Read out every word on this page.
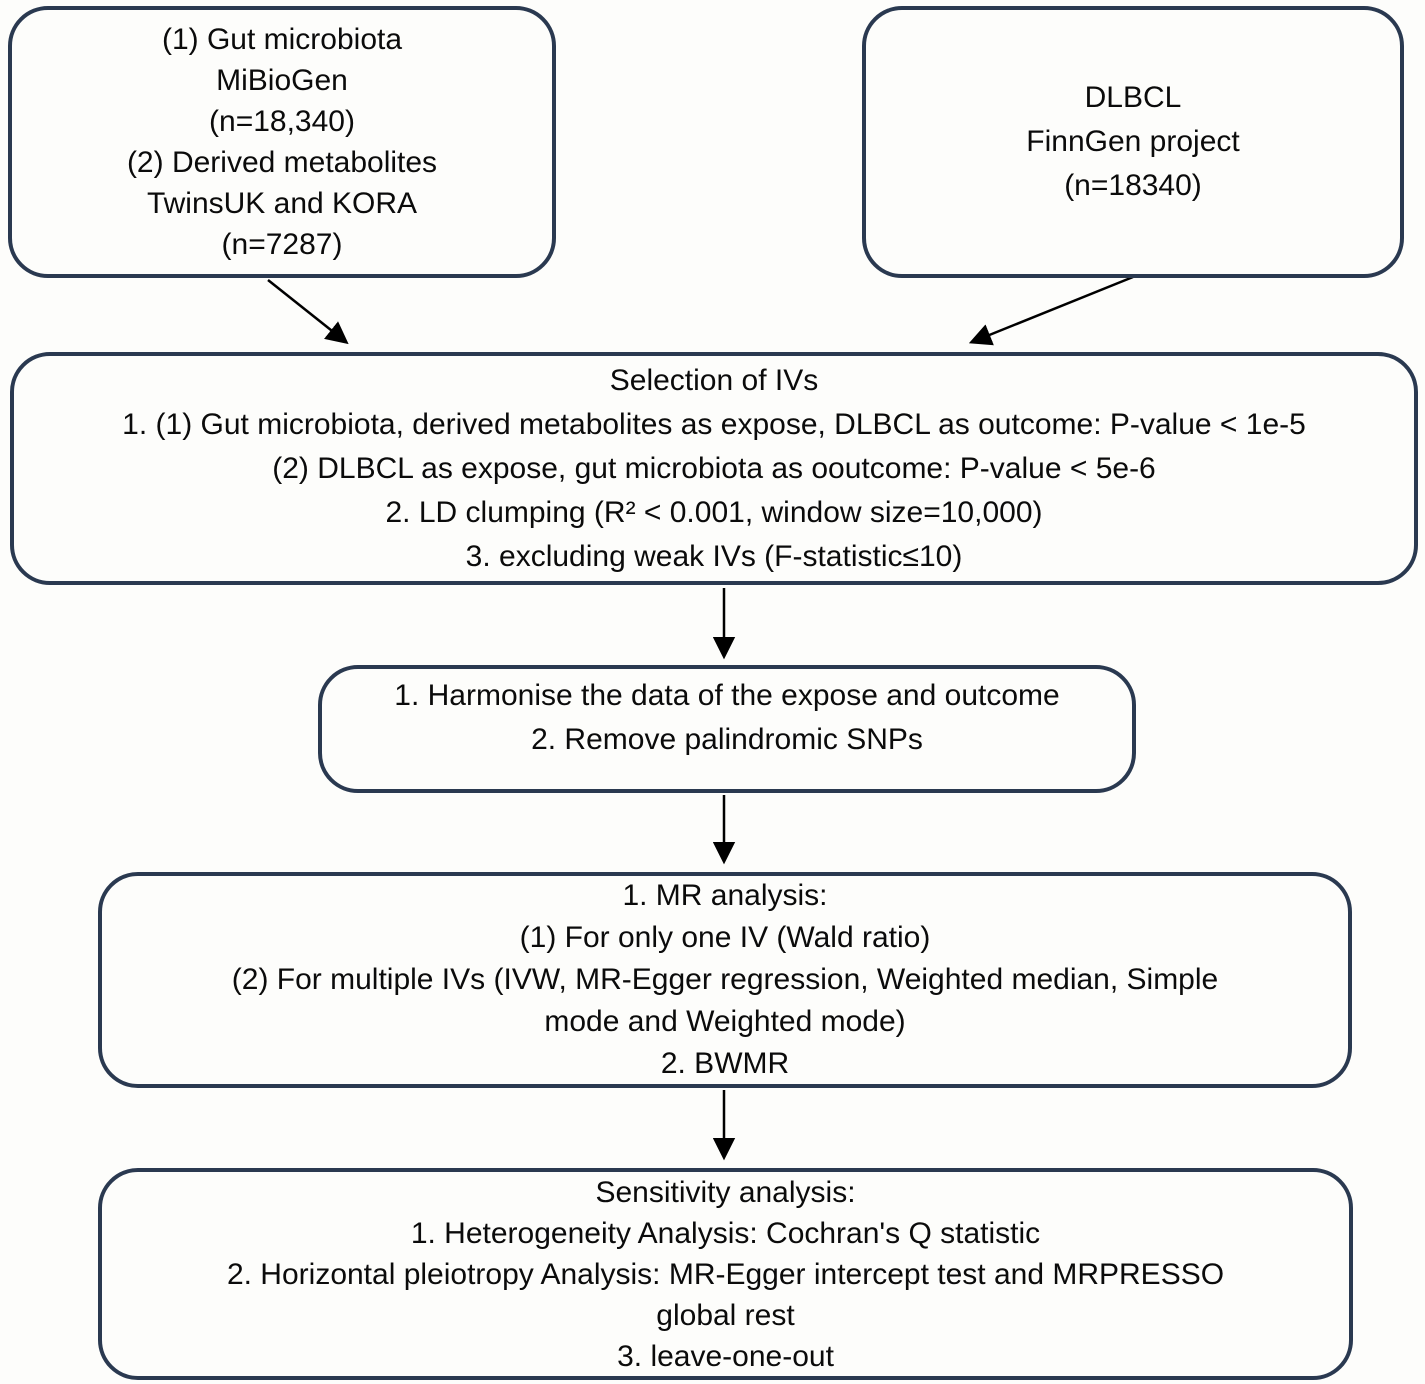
(1) Gut microbiota
MiBioGen
(n=18,340)
(2) Derived metabolites
TwinsUK and KORA
(n=7287)
DLBCL
FinnGen project
(n=18340)
Selection of IVs
1. (1) Gut microbiota, derived metabolites as expose, DLBCL as outcome: P-value < 1e-5
(2) DLBCL as expose, gut microbiota as ooutcome: P-value < 5e-6
2. LD clumping (R² < 0.001, window size=10,000)
3. excluding weak IVs (F-statistic≤10)
1. Harmonise the data of the expose and outcome
2. Remove palindromic SNPs
1. MR analysis:
(1) For only one IV (Wald ratio)
(2) For multiple IVs (IVW, MR-Egger regression, Weighted median, Simple
mode and Weighted mode)
2. BWMR
Sensitivity analysis:
1. Heterogeneity Analysis: Cochran's Q statistic
2. Horizontal pleiotropy Analysis: MR-Egger intercept test and MRPRESSO
global rest
3. leave-one-out
